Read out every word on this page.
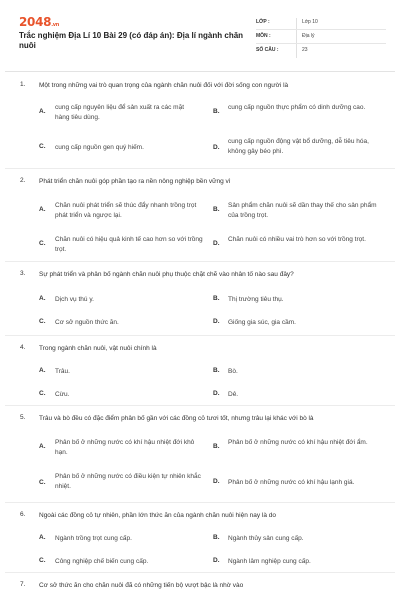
2048.vn
Trắc nghiệm Địa Lí 10 Bài 29 (có đáp án): Địa lí ngành chăn nuôi
LỚP :	Lớp 10
MÔN :	Địa lý
SỐ CÂU :	23
1. Một trong những vai trò quan trọng của ngành chăn nuôi đối với đời sống con người là
A.
cung cấp nguyên liệu để sản xuất ra các mặt hàng tiêu dùng.
B.
cung cấp nguồn thực phẩm có dinh dưỡng cao.
C. cung cấp nguồn gen quý hiếm.	D.
cung cấp nguồn động vật bổ dưỡng, dễ tiêu hóa, không gây béo phì.
2. Phát triển chăn nuôi góp phần tạo ra nền nông nghiệp bền vững vì
A.
Chăn nuôi phát triển sẽ thúc đẩy nhanh trồng trọt phát triển và ngược lại.
B.
Sản phẩm chăn nuôi sẽ dần thay thế cho sản phẩm của trồng trọt.
C.
Chăn nuôi có hiệu quả kinh tế cao hơn so với trồng trọt.
D.
Chăn nuôi có nhiều vai trò hơn so với trồng trọt.
3. Sự phát triển và phân bố ngành chăn nuôi phụ thuộc chặt chẽ vào nhân tố nào sau đây?
A. Dịch vụ thú y.	B. Thị trường tiêu thụ.
C. Cơ sở nguồn thức ăn.	D. Giống gia súc, gia cầm.
4. Trong ngành chăn nuôi, vật nuôi chính là
A. Trâu.	B. Bò.
C. Cừu.	D. Dê.
5. Trâu và bò đều có đặc điểm phân bố gần với các đồng cỏ tươi tốt, nhưng trâu lại khác với bò là
A.
Phân bố ở những nước có khí hậu nhiệt đới khô hạn.
B.
Phân bố ở những nước có khí hậu nhiệt đới ẩm.
C.
Phân bố ở những nước có điều kiện tự nhiên khắc nhiệt.
D. Phân bố ở những nước có khí hậu lạnh giá.
6. Ngoài các đồng cỏ tự nhiên, phần lớn thức ăn của ngành chăn nuôi hiện nay là do
A. Ngành trồng trọt cung cấp.	B. Ngành thủy sản cung cấp.
C. Công nghiệp chế biến cung cấp.	D. Ngành lâm nghiệp cung cấp.
7. Cơ sở thức ăn cho chăn nuôi đã có những tiến bộ vượt bậc là nhờ vào
